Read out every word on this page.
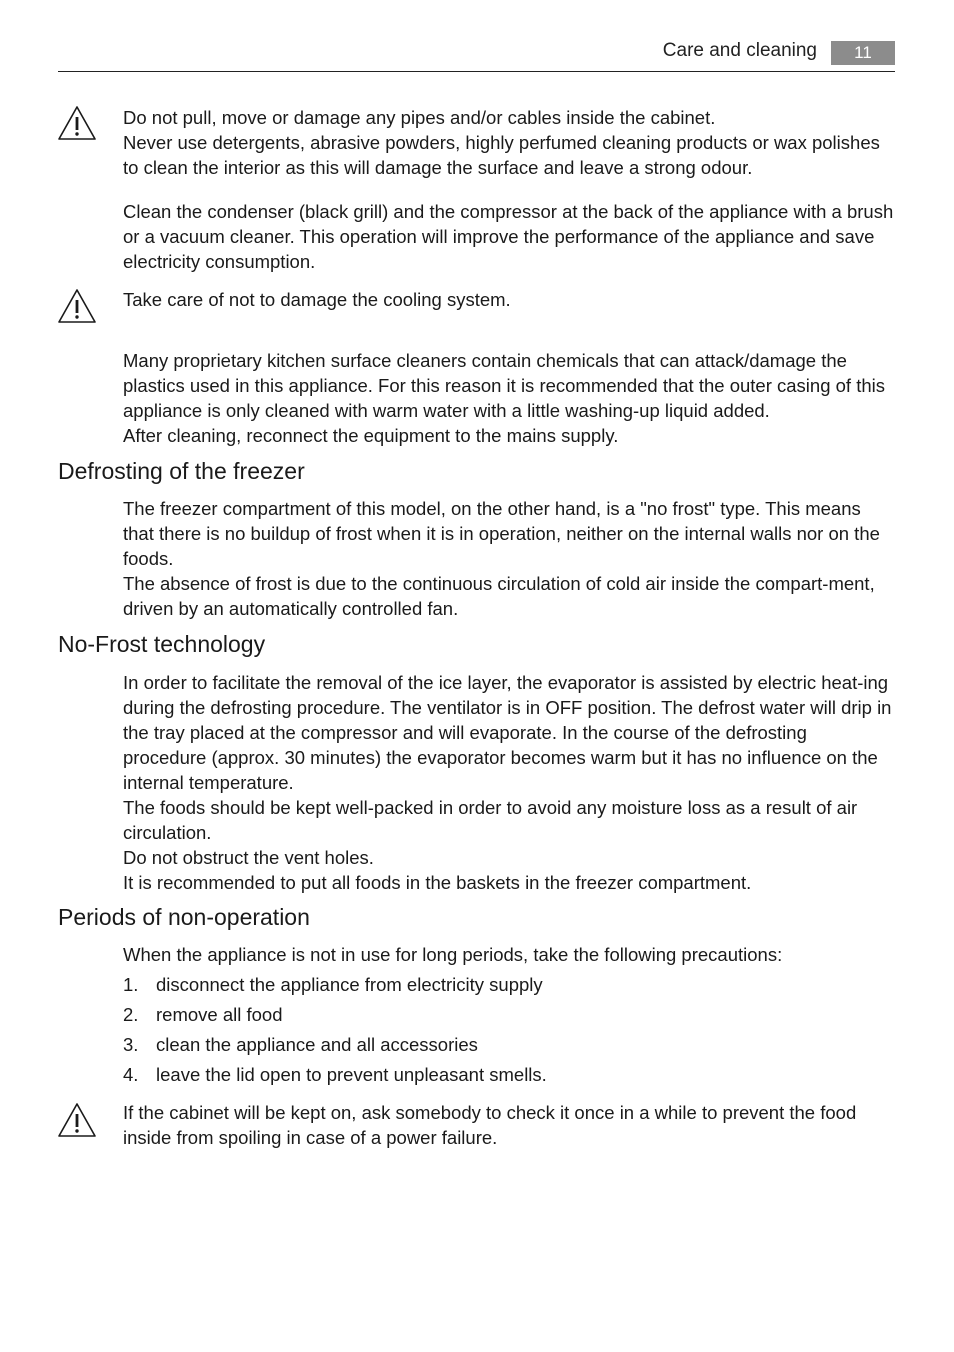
Care and cleaning	11

Do not pull, move or damage any pipes and/or cables inside the cabinet.

Never use detergents, abrasive powders, highly perfumed cleaning products or wax polishes to clean the interior as this will damage the surface and leave a strong odour.

Clean the condenser (black grill) and the compressor at the back of the appliance with a brush or a vacuum cleaner. This operation will improve the performance of the appliance and save electricity consumption.

Take care of not to damage the cooling system.

Many proprietary kitchen surface cleaners contain chemicals that can attack/damage the plastics used in this appliance. For this reason it is recommended that the outer casing of this appliance is only cleaned with warm water with a little washing-up liquid added.

After cleaning, reconnect the equipment to the mains supply.

Defrosting of the freezer

The freezer compartment of this model, on the other hand, is a "no frost" type. This means that there is no buildup of frost when it is in operation, neither on the internal walls nor on the foods.

The absence of frost is due to the continuous circulation of cold air inside the compart-ment, driven by an automatically controlled fan.

No-Frost technology

In order to facilitate the removal of the ice layer, the evaporator is assisted by electric heat-ing during the defrosting procedure. The ventilator is in OFF position. The defrost water will drip in the tray placed at the compressor and will evaporate. In the course of the defrosting procedure (approx. 30 minutes) the evaporator becomes warm but it has no influence on the internal temperature.

The foods should be kept well-packed in order to avoid any moisture loss as a result of air circulation.

Do not obstruct the vent holes.

It is recommended to put all foods in the baskets in the freezer compartment.

Periods of non-operation

When the appliance is not in use for long periods, take the following precautions:

1. disconnect the appliance from electricity supply
2. remove all food
3. clean the appliance and all accessories
4. leave the lid open to prevent unpleasant smells.

If the cabinet will be kept on, ask somebody to check it once in a while to prevent the food inside from spoiling in case of a power failure.
